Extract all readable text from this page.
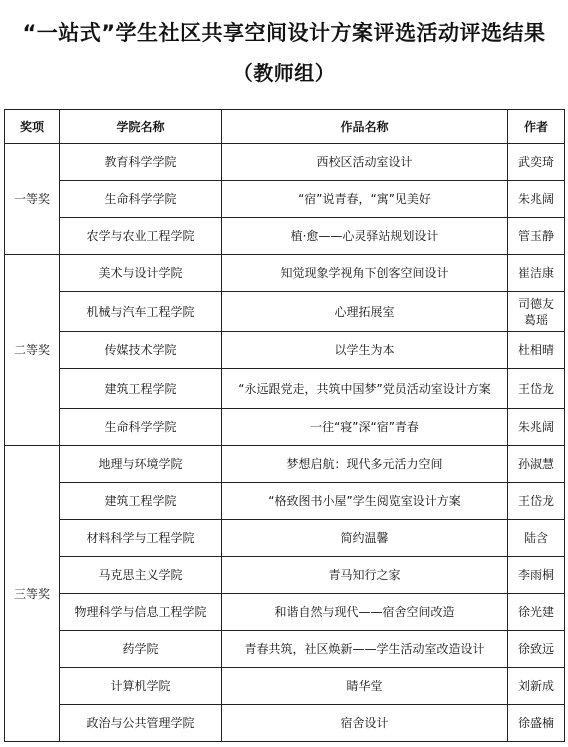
“一站式”学生社区共享空间设计方案评选活动评选结果
（教师组）
奖项	学院名称	作品名称	作者
一等奖	教育科学学院	西校区活动室设计	武奕琦
	生命科学学院	“宿”说青春，“寓”见美好	朱兆阔
	农学与农业工程学院	植·愈——心灵驿站规划设计	管玉静
二等奖	美术与设计学院	知觉现象学视角下创客空间设计	崔洁康
	机械与汽车工程学院	心理拓展室	司德友 葛瑶
	传媒技术学院	以学生为本	杜相晴
	建筑工程学院	“永远跟党走，共筑中国梦”党员活动室设计方案	王岱龙
	生命科学学院	一往“寝”深“宿”青春	朱兆阔
三等奖	地理与环境学院	梦想启航：现代多元活力空间	孙淑慧
	建筑工程学院	“格致图书小屋”学生阅览室设计方案	王岱龙
	材料科学与工程学院	简约温馨	陆含
	马克思主义学院	青马知行之家	李雨桐
	物理科学与信息工程学院	和谐自然与现代——宿舍空间改造	徐光建
	药学院	青春共筑，社区焕新——学生活动室改造设计	徐致远
	计算机学院	睛华堂	刘新成
	政治与公共管理学院	宿舍设计	徐盛楠
